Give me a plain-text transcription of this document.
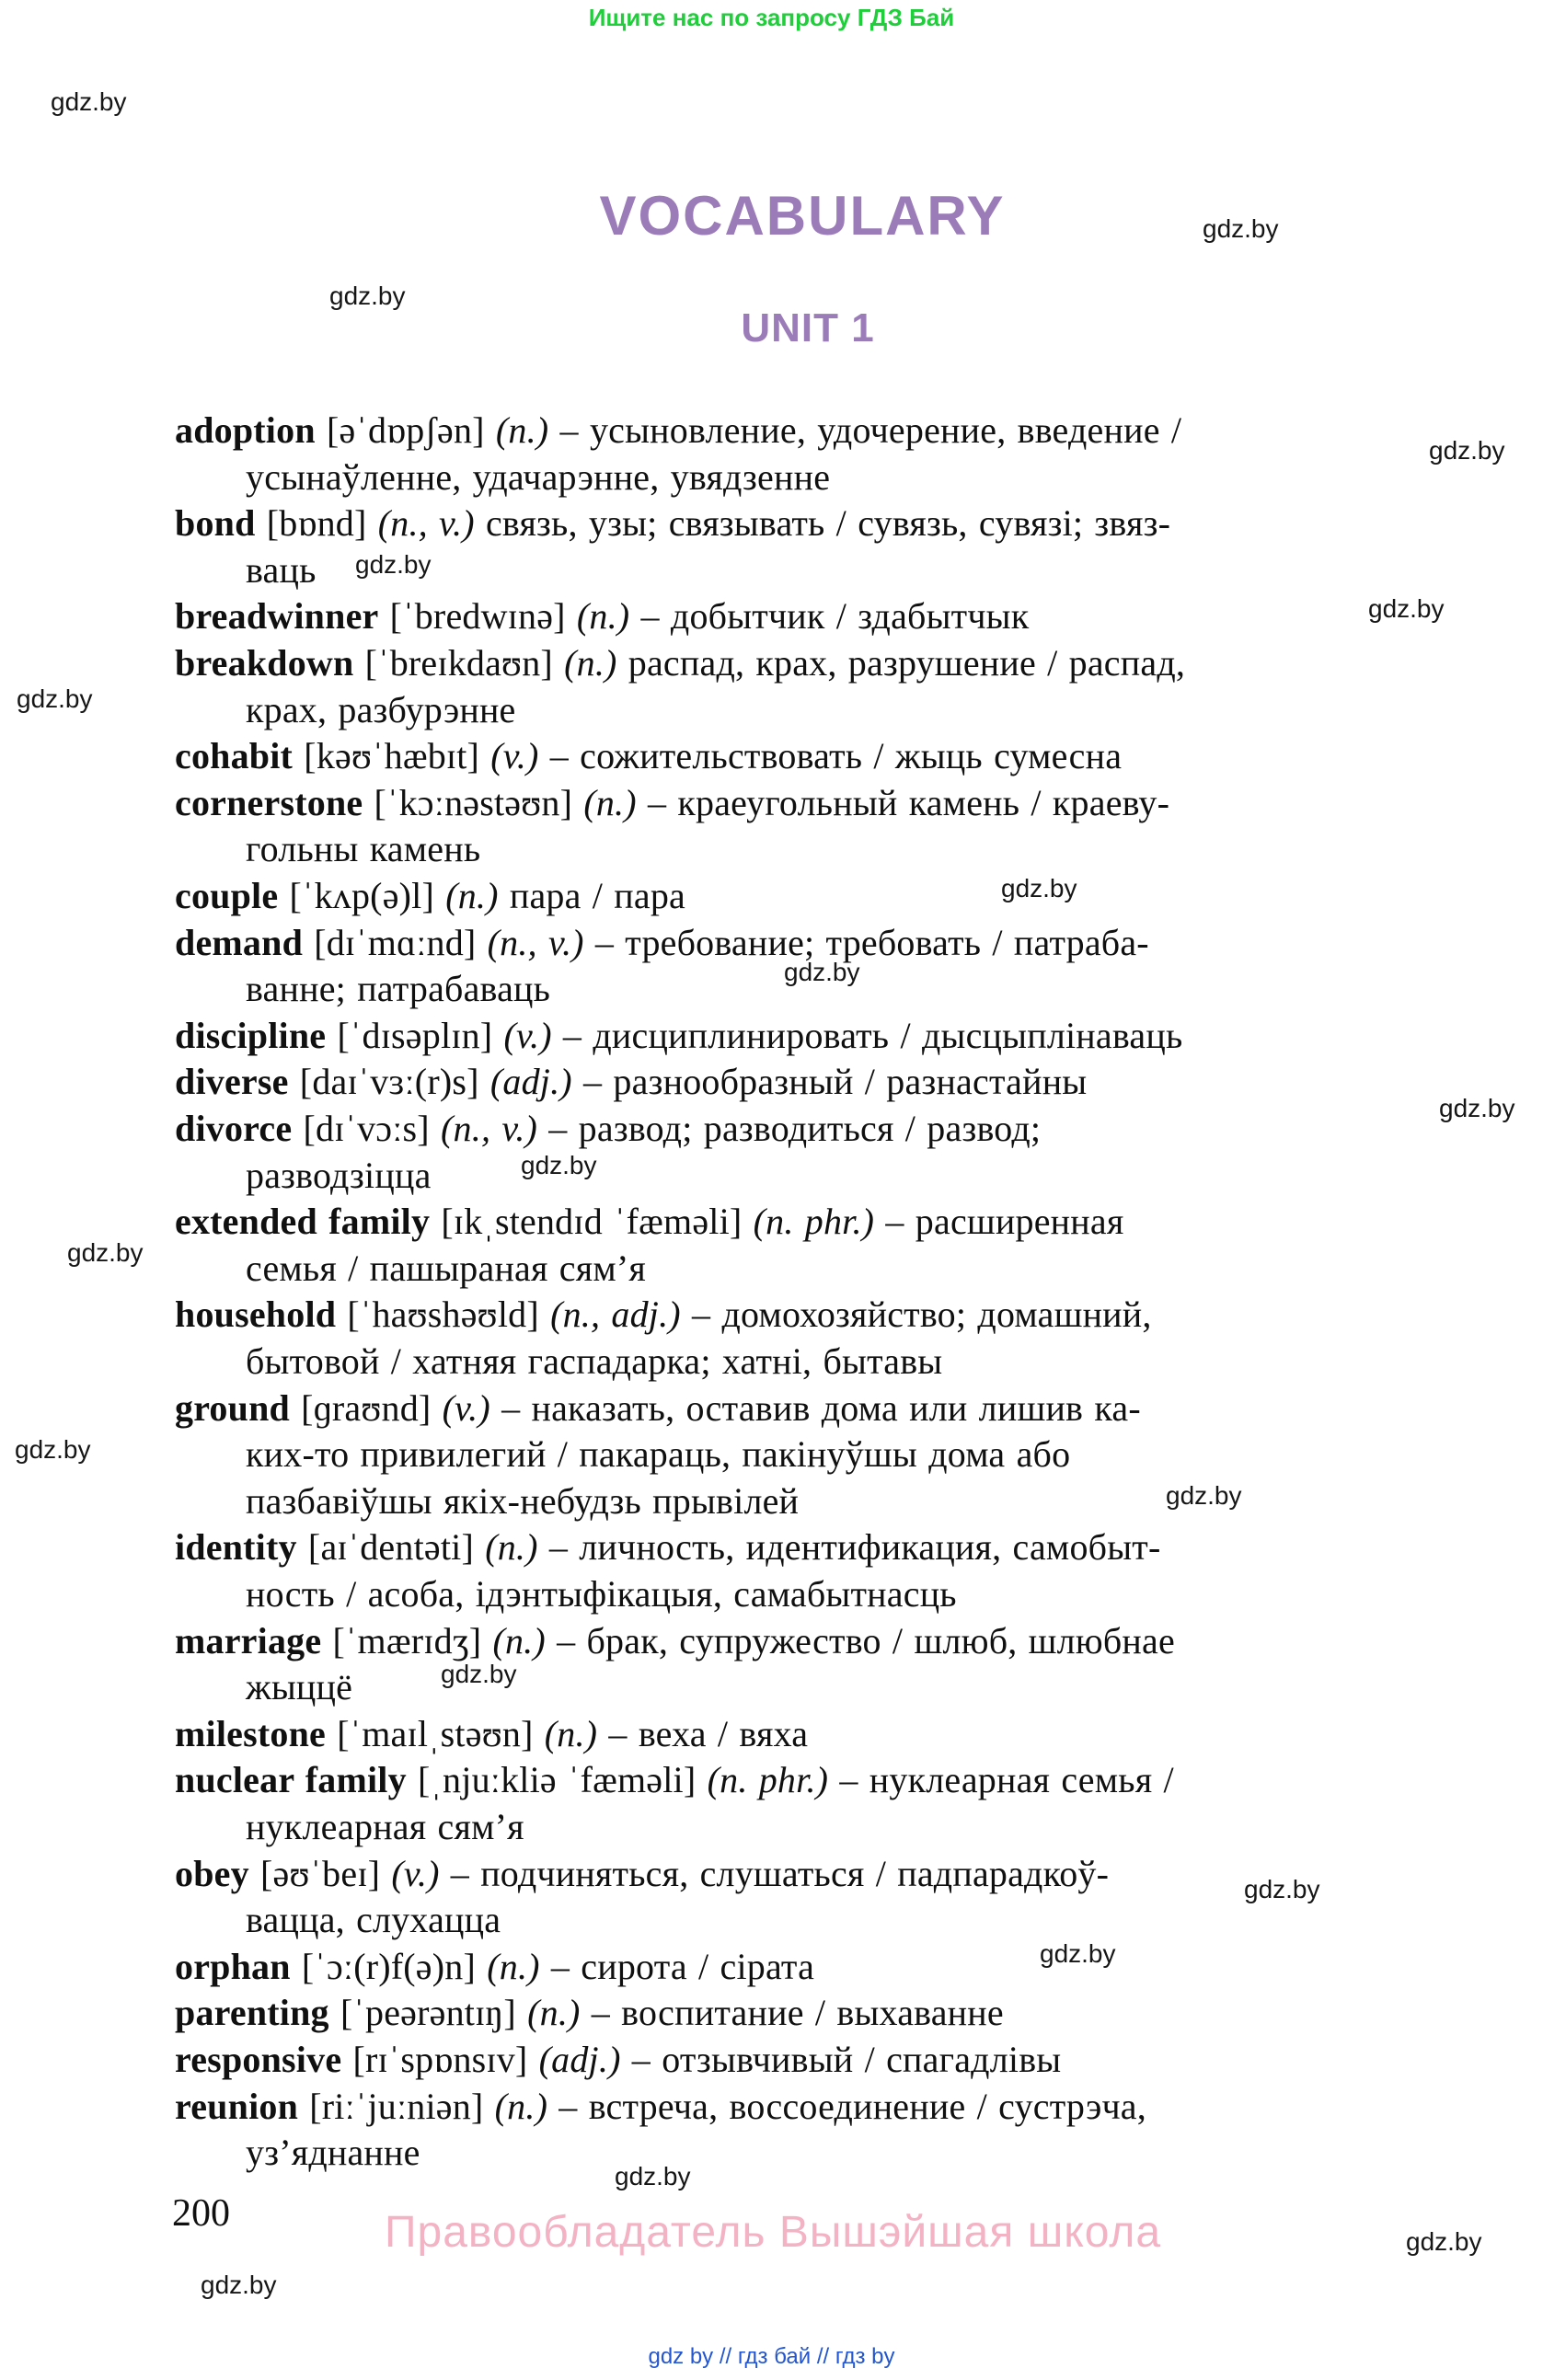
Ищите нас по запросу ГДЗ Бай
VOCABULARY
UNIT 1
adoption [əˈdɒpʃən] (n.) – усыновление, удочерение, введение /
усынаўленне, удачарэнне, увядзенне
bond [bɒnd] (n., v.) связь, узы; связывать / сувязь, сувязі; звяз-
ваць
breadwinner [ˈbredwɪnə] (n.) – добытчик / здабытчык
breakdown [ˈbreɪkdaʊn] (n.) распад, крах, разрушение / распад,
крах, разбурэнне
cohabit [kəʊˈhæbɪt] (v.) – сожительствовать / жыць сумесна
cornerstone [ˈkɔːnəstəʊn] (n.) – краеугольный камень / краеву-
гольны камень
couple [ˈkʌp(ə)l] (n.) пара / пара
demand [dɪˈmɑːnd] (n., v.) – требование; требовать / патраба-
ванне; патрабаваць
discipline [ˈdɪsəplɪn] (v.) – дисциплинировать / дысцыплінаваць
diverse [daɪˈvɜː(r)s] (adj.) – разнообразный / разнастайны
divorce [dɪˈvɔːs] (n., v.) – развод; разводиться / развод;
разводзіцца
extended family [ɪkˌstendɪd ˈfæməli] (n. phr.) – расширенная
семья / пашыраная сям’я
household [ˈhaʊshəʊld] (n., adj.) – домохозяйство; домашний,
бытовой / хатняя гаспадарка; хатні, бытавы
ground [ɡraʊnd] (v.) – наказать, оставив дома или лишив ка-
ких-то привилегий / пакараць, пакінуўшы дома або
пазбавіўшы якіх-небудзь прывілей
identity [aɪˈdentəti] (n.) – личность, идентификация, самобыт-
ность / асоба, ідэнтыфікацыя, самабытнасць
marriage [ˈmærɪdʒ] (n.) – брак, супружество / шлюб, шлюбнае
жыццё
milestone [ˈmaɪlˌstəʊn] (n.) – веха / вяха
nuclear family [ˌnjuːkliə ˈfæməli] (n. phr.) – нуклеарная семья /
нуклеарная сям’я
obey [əʊˈbeɪ] (v.) – подчиняться, слушаться / падпарадкоў-
вацца, слухацца
orphan [ˈɔː(r)f(ə)n] (n.) – сирота / сірата
parenting [ˈpeərəntɪŋ] (n.) – воспитание / выхаванне
responsive [rɪˈspɒnsɪv] (adj.) – отзывчивый / спагадлівы
reunion [riːˈjuːniən] (n.) – встреча, воссоединение / сустрэча,
уз’яднанне
gdz.by
gdz.by
gdz.by
gdz.by
gdz.by
gdz.by
gdz.by
gdz.by
gdz.by
gdz.by
gdz.by
gdz.by
gdz.by
gdz.by
gdz.by
gdz.by
gdz.by
gdz.by
gdz.by
gdz.by
200	Правообладатель Вышэйшая школа
gdz by // гдз бай // гдз by
